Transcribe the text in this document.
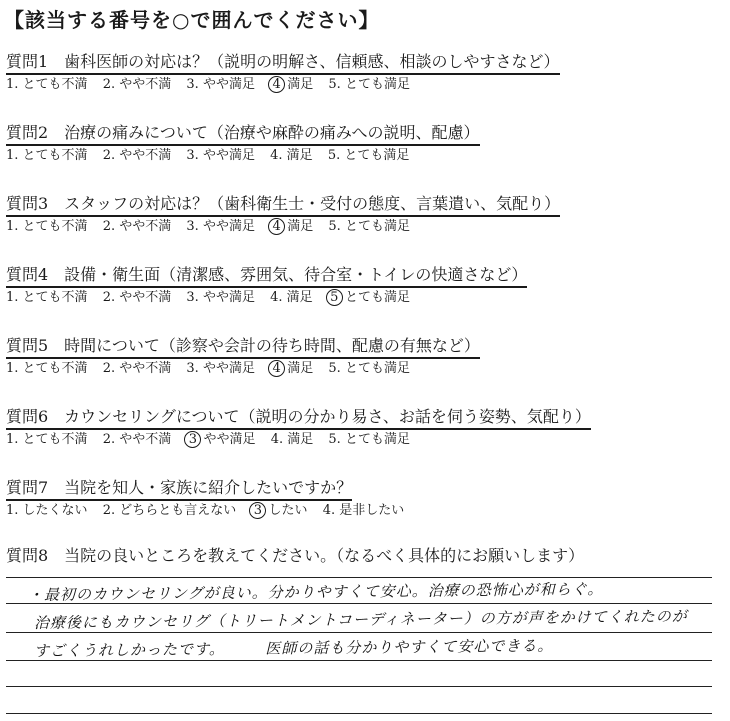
【該当する番号を○で囲んでください】
質問1　歯科医師の対応は？（説明の明解さ、信頼感、相談のしやすさなど）
1. とても不満 2. やや不満 3. やや満足 4 満足 5. とても満足
質問2　治療の痛みについて（治療や麻酔の痛みへの説明、配慮）
1. とても不満 2. やや不満 3. やや満足 4. 満足 5. とても満足
質問3　スタッフの対応は？（歯科衛生士・受付の態度、言葉遣い、気配り）
1. とても不満 2. やや不満 3. やや満足 4 満足 5. とても満足
質問4　設備・衛生面（清潔感、雰囲気、待合室・トイレの快適さなど）
1. とても不満 2. やや不満 3. やや満足 4. 満足 5 とても満足
質問5　時間について（診察や会計の待ち時間、配慮の有無など）
1. とても不満 2. やや不満 3. やや満足 4 満足 5. とても満足
質問6　カウンセリングについて（説明の分かり易さ、お話を伺う姿勢、気配り）
1. とても不満 2. やや不満 3 やや満足 4. 満足 5. とても満足
質問7　当院を知人・家族に紹介したいですか？
1. したくない 2. どちらとも言えない 3 したい 4. 是非したい
質問8　当院の良いところを教えてください。（なるべく具体的にお願いします）
・最初のカウンセリングが良い。分かりやすくて安心。治療の恐怖心が和らぐ。
治療後にもカウンセリグ（トリートメントコーディネーター）の方が声をかけてくれたのが
すごくうれしかったです。　　　医師の話も分かりやすくて安心できる。
